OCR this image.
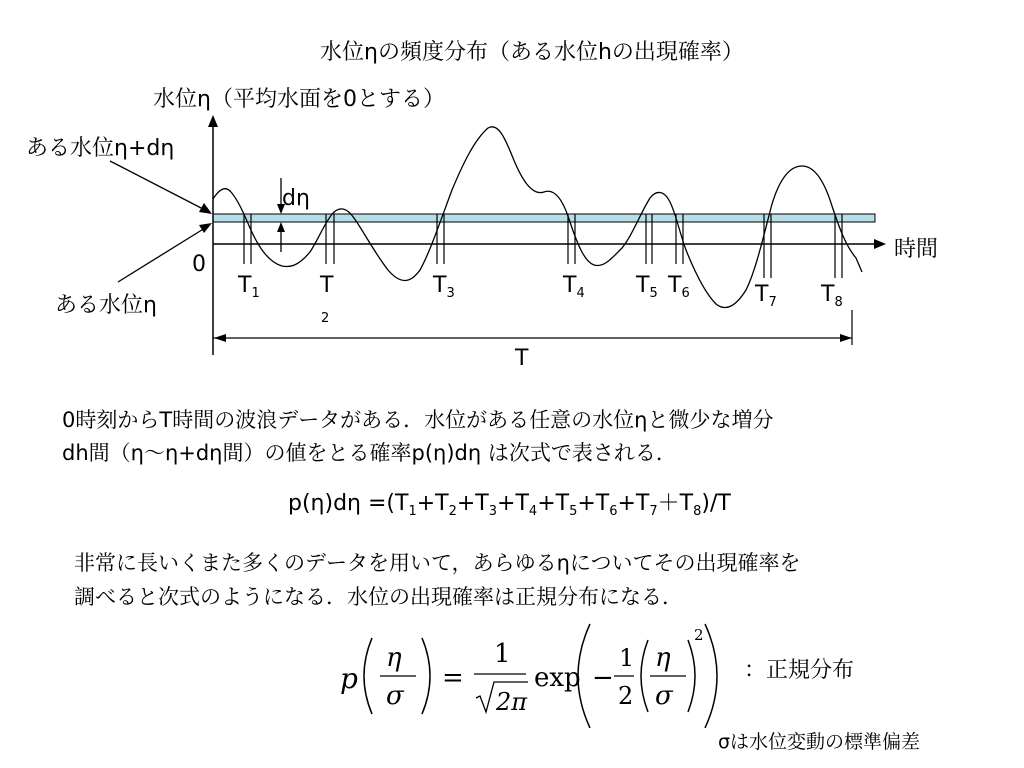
水位ηの頻度分布（ある水位hの出現確率）
水位η（平均水面を0とする）
ある水位η+dη
ある水位η
dη
0
時間
$T_1$	T
2
$T_3$	$T_4$ $T_5$ $T_6$	$T_7$ $T_8$
T
0時刻からT時間の波浪データがある．水位がある任意の水位ηと微少な増分
dh間（η〜η+dη間）の値をとる確率p(η)dη は次式で表される．
$p(\eta)d\eta =(T_1+T_2+T_3+T_4+T_5+T_6+T_7+T_8)/T$
非常に長いくまた多くのデータを用いて，あらゆるηについてその出現確率を
調べると次式のようになる．水位の出現確率は正規分布になる．
p
η
σ
=
1
2π
exp −
1
2
η
σ
2
：正規分布
σは水位変動の標準偏差
